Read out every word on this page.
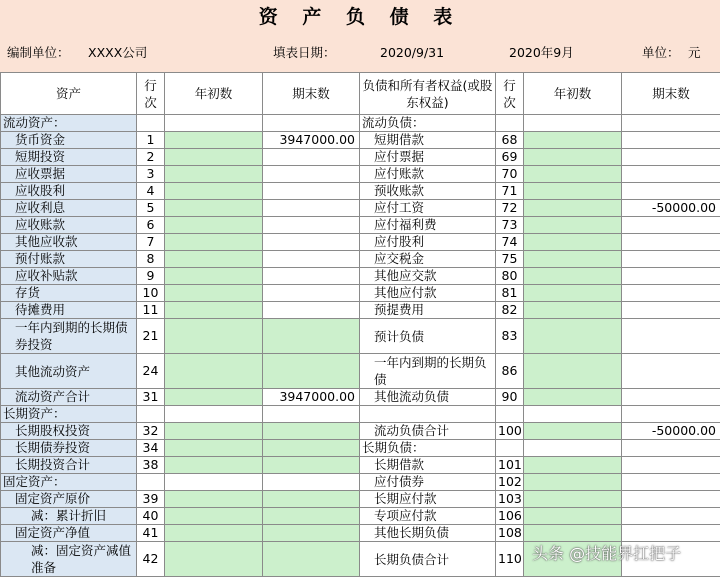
资 产 负 债 表
编制单位： XXXX公司	填表日期：	2020/9/31	2020年9月	单位： 元
资产	行次	年初数	期末数	负债和所有者权益(或股东权益)	行次	年初数	期末数
流动资产：				流动负债：			
货币资金	1		3947000.00	短期借款	68		
短期投资	2			应付票据	69		
应收票据	3			应付账款	70		
应收股利	4			预收账款	71		
应收利息	5			应付工资	72		-50000.00
应收账款	6			应付福利费	73		
其他应收款	7			应付股利	74		
预付账款	8			应交税金	75		
应收补贴款	9			其他应交款	80		
存货	10			其他应付款	81		
待摊费用	11			预提费用	82		
一年内到期的长期债券投资	21			预计负债	83		
其他流动资产	24			一年内到期的长期负债	86		
流动资产合计	31		3947000.00	其他流动负债	90		
长期资产：							
长期股权投资	32			流动负债合计	100		-50000.00
长期债券投资	34			长期负债：			
长期投资合计	38			长期借款	101		
固定资产：				应付债券	102		
固定资产原价	39			长期应付款	103		
减：累计折旧	40			专项应付款	106		
固定资产净值	41			其他长期负债	108		
减：固定资产减值准备	42			长期负债合计	110		头条 @技能界扛把子
